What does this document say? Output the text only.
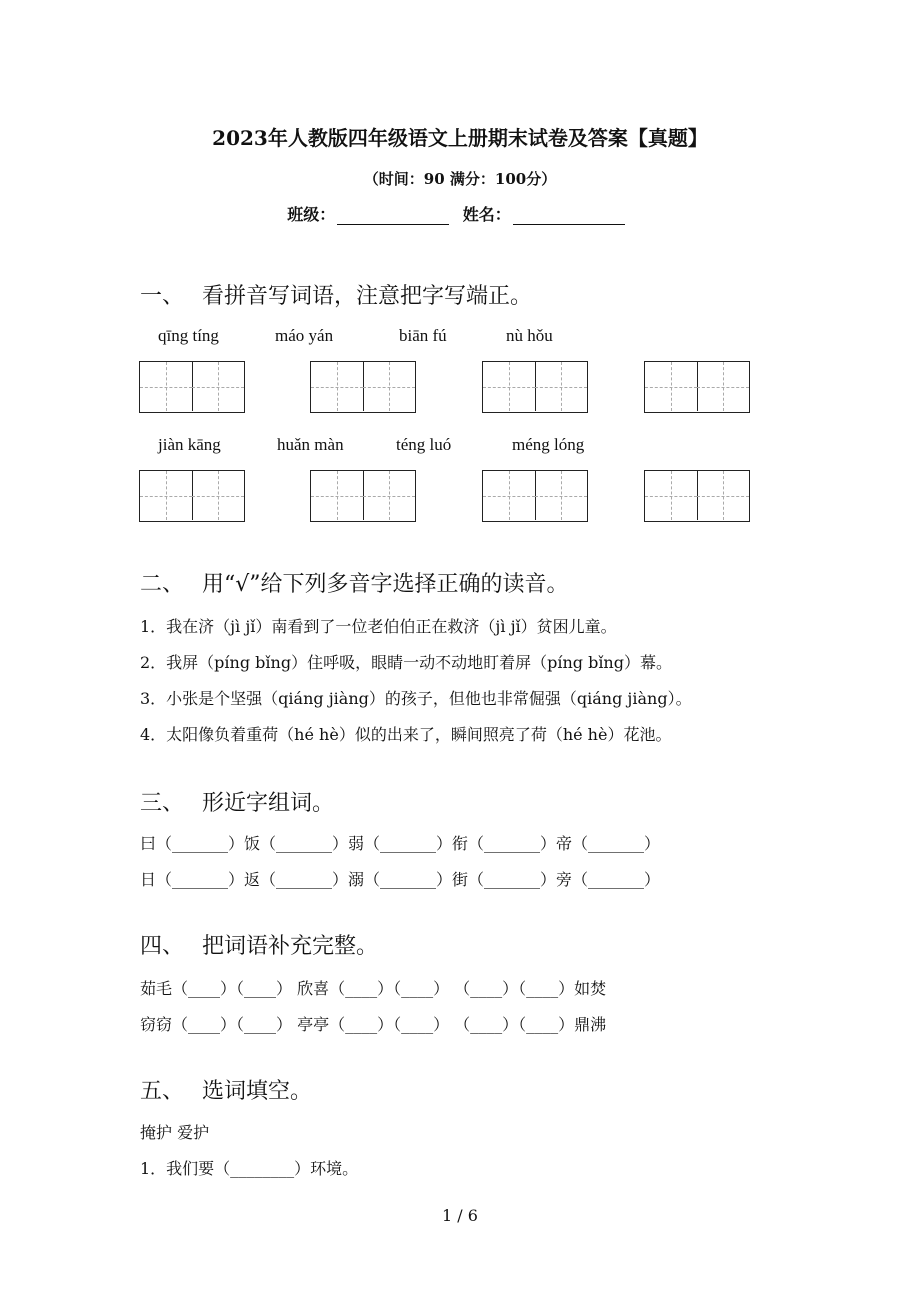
2023年人教版四年级语文上册期末试卷及答案【真题】
（时间：90 满分：100分）
班级：	姓名：
一、 看拼音写词语，注意把字写端正。
qīng tíng	máo yán	biān fú	nù hǒu
jiàn kāng	huǎn màn	téng luó	méng lóng
二、 用“√”给下列多音字选择正确的读音。
1．我在济（jì jǐ）南看到了一位老伯伯正在救济（jì jǐ）贫困儿童。
2．我屏（píng bǐng）住呼吸，眼睛一动不动地盯着屏（píng bǐng）幕。
3．小张是个坚强（qiáng jiàng）的孩子，但他也非常倔强（qiáng jiàng）。
4．太阳像负着重荷（hé hè）似的出来了，瞬间照亮了荷（hé hè）花池。
三、 形近字组词。
曰（_______）饭（_______）弱（_______）衔（_______）帝（_______）
日（_______）返（_______）溺（_______）街（_______）旁（_______）
四、 把词语补充完整。
茹毛（____）（____） 欣喜（____）（____） （____）（____）如焚
窃窃（____）（____） 亭亭（____）（____） （____）（____）鼎沸
五、 选词填空。
掩护 爱护
1．我们要（________）环境。
1 / 6
